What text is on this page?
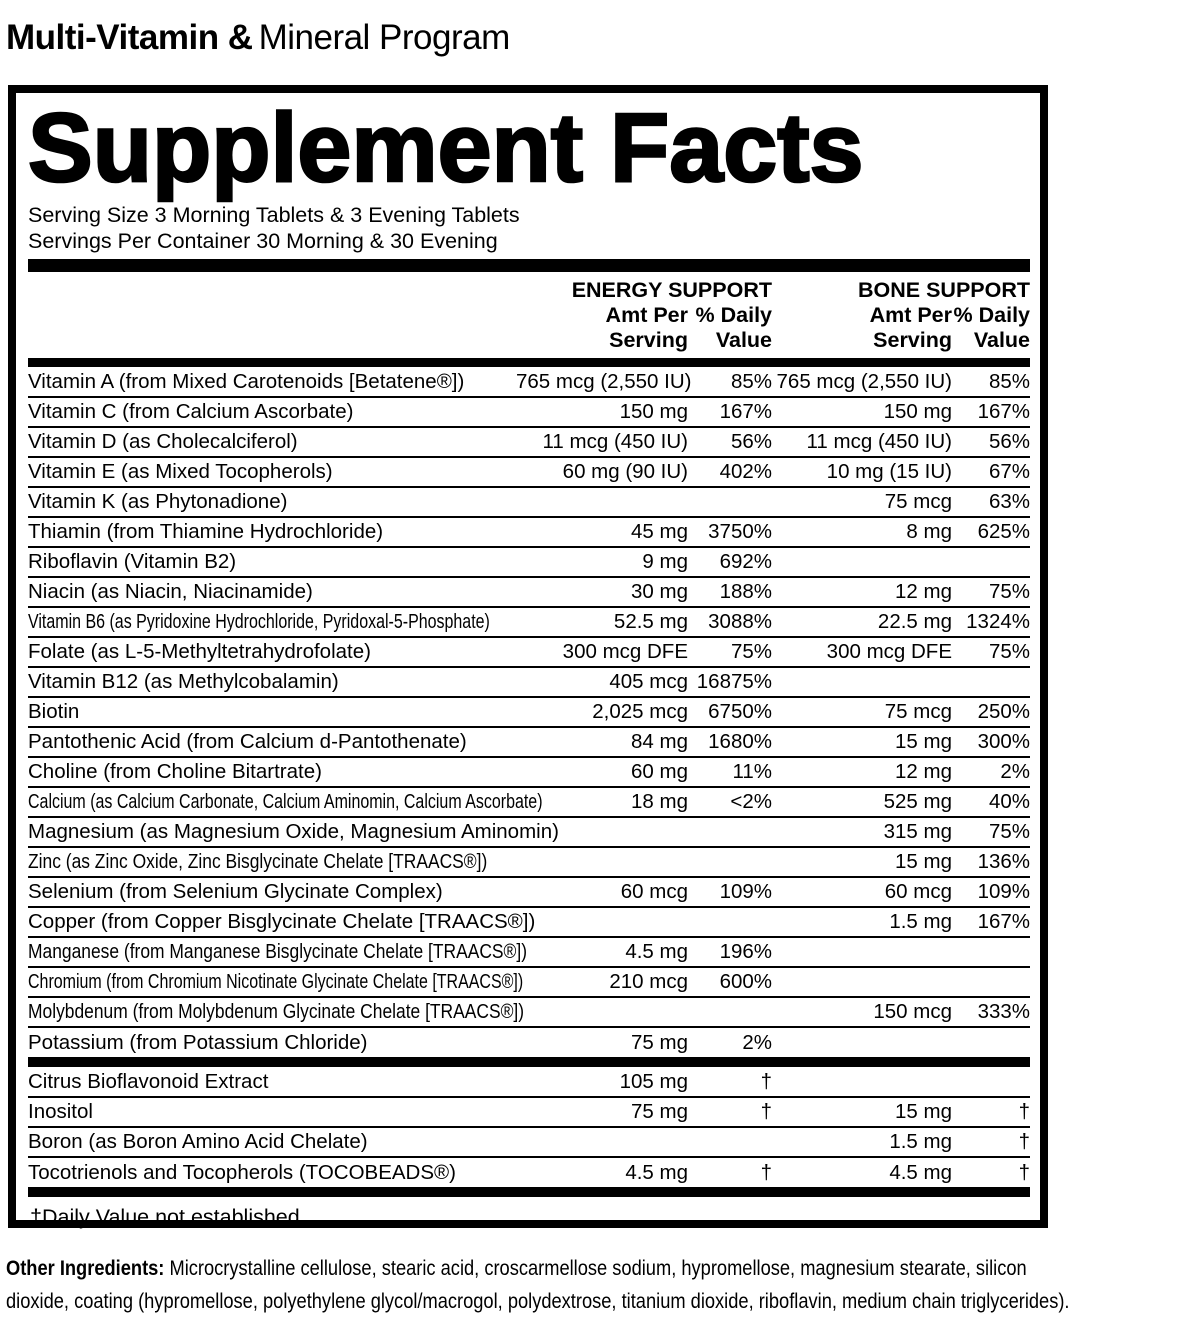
Multi-Vitamin & Mineral Program
Supplement Facts
Serving Size 3 Morning Tablets & 3 Evening Tablets
Servings Per Container 30 Morning & 30 Evening
	ENERGY SUPPORT		BONE SUPPORT	
	Amt Per	% Daily	Amt Per	% Daily
	Serving	Value	Serving	Value
Vitamin A (from Mixed Carotenoids [Betatene®])	765 mcg (2,550 IU)	85%	765 mcg (2,550 IU)	85%
Vitamin C (from Calcium Ascorbate)	150 mg	167%	150 mg	167%
Vitamin D (as Cholecalciferol)	11 mcg (450 IU)	56%	11 mcg (450 IU)	56%
Vitamin E (as Mixed Tocopherols)	60 mg (90 IU)	402%	10 mg (15 IU)	67%
Vitamin K (as Phytonadione)			75 mcg	63%
Thiamin (from Thiamine Hydrochloride)	45 mg	3750%	8 mg	625%
Riboflavin (Vitamin B2)	9 mg	692%		
Niacin (as Niacin, Niacinamide)	30 mg	188%	12 mg	75%
Vitamin B6 (as Pyridoxine Hydrochloride, Pyridoxal-5-Phosphate)	52.5 mg	3088%	22.5 mg	1324%
Folate (as L-5-Methyltetrahydrofolate)	300 mcg DFE	75%	300 mcg DFE	75%
Vitamin B12 (as Methylcobalamin)	405 mcg	16875%		
Biotin	2,025 mcg	6750%	75 mcg	250%
Pantothenic Acid (from Calcium d-Pantothenate)	84 mg	1680%	15 mg	300%
Choline (from Choline Bitartrate)	60 mg	11%	12 mg	2%
Calcium (as Calcium Carbonate, Calcium Aminomin, Calcium Ascorbate)	18 mg	<2%	525 mg	40%
Magnesium (as Magnesium Oxide, Magnesium Aminomin)			315 mg	75%
Zinc (as Zinc Oxide, Zinc Bisglycinate Chelate [TRAACS®])			15 mg	136%
Selenium (from Selenium Glycinate Complex)	60 mcg	109%	60 mcg	109%
Copper (from Copper Bisglycinate Chelate [TRAACS®])			1.5 mg	167%
Manganese (from Manganese Bisglycinate Chelate [TRAACS®])	4.5 mg	196%		
Chromium (from Chromium Nicotinate Glycinate Chelate [TRAACS®])	210 mcg	600%		
Molybdenum (from Molybdenum Glycinate Chelate [TRAACS®])			150 mcg	333%
Potassium (from Potassium Chloride)	75 mg	2%		
Citrus Bioflavonoid Extract	105 mg	†		
Inositol	75 mg	†	15 mg	†
Boron (as Boron Amino Acid Chelate)			1.5 mg	†
Tocotrienols and Tocopherols (TOCOBEADS®)	4.5 mg	†	4.5 mg	†
†Daily Value not established.

Other Ingredients: Microcrystalline cellulose, stearic acid, croscarmellose sodium, hypromellose, magnesium stearate, silicon dioxide, coating (hypromellose, polyethylene glycol/macrogol, polydextrose, titanium dioxide, riboflavin, medium chain triglycerides).
